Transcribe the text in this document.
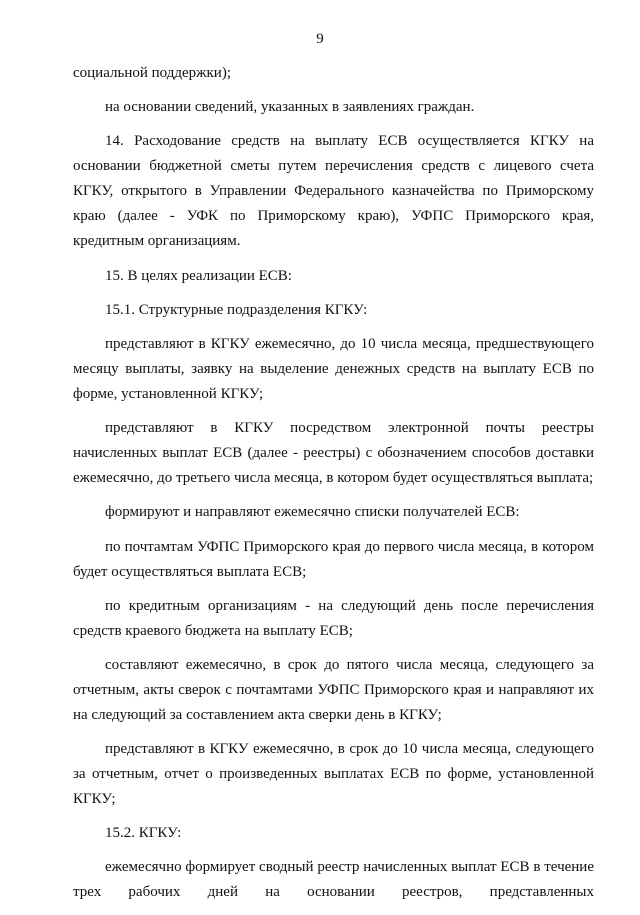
9

социальной поддержки);

на основании сведений, указанных в заявлениях граждан.

14. Расходование средств на выплату ЕСВ осуществляется КГКУ на основании бюджетной сметы путем перечисления средств с лицевого счета КГКУ, открытого в Управлении Федерального казначейства по Приморскому краю (далее - УФК по Приморскому краю), УФПС Приморского края, кредитным организациям.

15. В целях реализации ЕСВ:

15.1. Структурные подразделения КГКУ:

представляют в КГКУ ежемесячно, до 10 числа месяца, предшествующего месяцу выплаты, заявку на выделение денежных средств на выплату ЕСВ по форме, установленной КГКУ;

представляют в КГКУ посредством электронной почты реестры начисленных выплат ЕСВ (далее - реестры) с обозначением способов доставки ежемесячно, до третьего числа месяца, в котором будет осуществляться выплата;

формируют и направляют ежемесячно списки получателей ЕСВ:

по почтамтам УФПС Приморского края до первого числа месяца, в котором будет осуществляться выплата ЕСВ;

по кредитным организациям - на следующий день после перечисления средств краевого бюджета на выплату ЕСВ;

составляют ежемесячно, в срок до пятого числа месяца, следующего за отчетным, акты сверок с почтамтами УФПС Приморского края и направляют их на следующий за составлением акта сверки день в КГКУ;

представляют в КГКУ ежемесячно, в срок до 10 числа месяца, следующего за отчетным, отчет о произведенных выплатах ЕСВ по форме, установленной КГКУ;

15.2. КГКУ:

ежемесячно формирует сводный реестр начисленных выплат ЕСВ в течение трех рабочих дней на основании реестров, представленных
